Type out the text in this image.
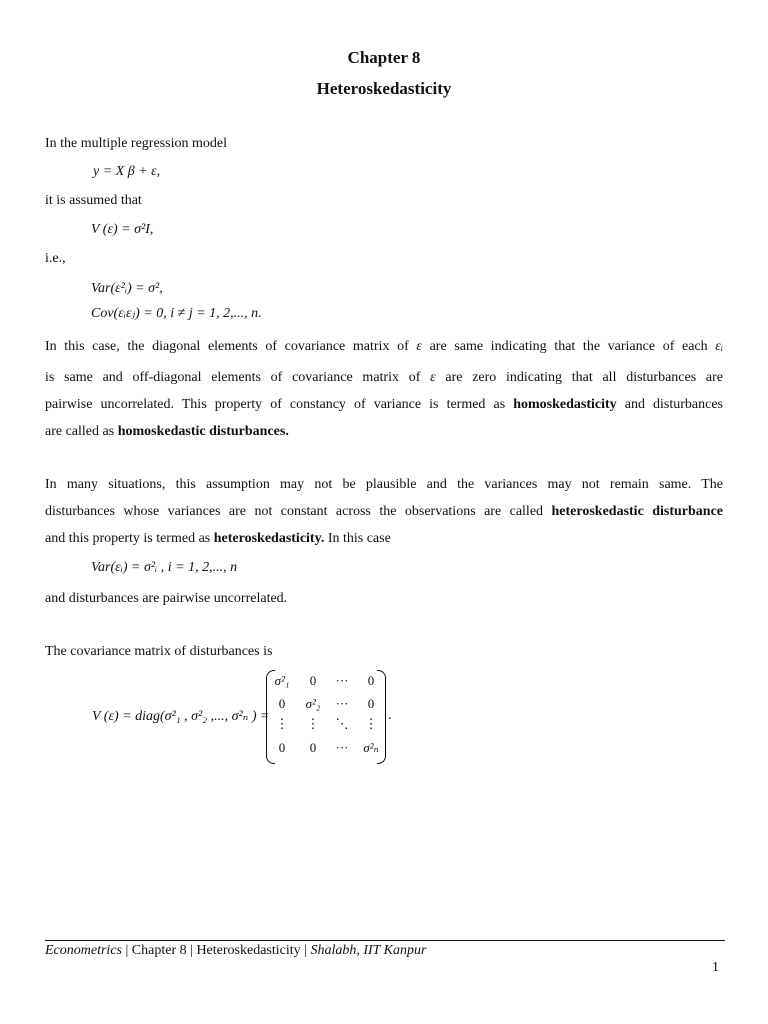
Chapter 8
Heteroskedasticity
In the multiple regression model
y = X β + ε,
it is assumed that
V (ε) = σ²I,
i.e.,
Var(ε²ᵢ) = σ²,
Cov(εᵢεⱼ) = 0, i ≠ j = 1, 2,..., n.
In this case, the diagonal elements of covariance matrix of ε are same indicating that the variance of each εᵢ
is same and off-diagonal elements of covariance matrix of ε are zero indicating that all disturbances are
pairwise uncorrelated. This property of constancy of variance is termed as homoskedasticity and disturbances
are called as homoskedastic disturbances.
In many situations, this assumption may not be plausible and the variances may not remain same. The
disturbances whose variances are not constant across the observations are called heteroskedastic disturbance
and this property is termed as heteroskedasticity. In this case
Var(εᵢ) = σ²ᵢ , i = 1, 2,..., n
and disturbances are pairwise uncorrelated.
The covariance matrix of disturbances is
V (ε) = diag(σ²₁ , σ²₂ ,..., σ²ₙ ) =
σ²₁	0	···	0
0	σ²₂ ···	0
⋮ ⋮ ⋱ ⋮
0	0	··· σ²ₙ
.
Econometrics | Chapter 8 | Heteroskedasticity | Shalabh, IIT Kanpur
1
